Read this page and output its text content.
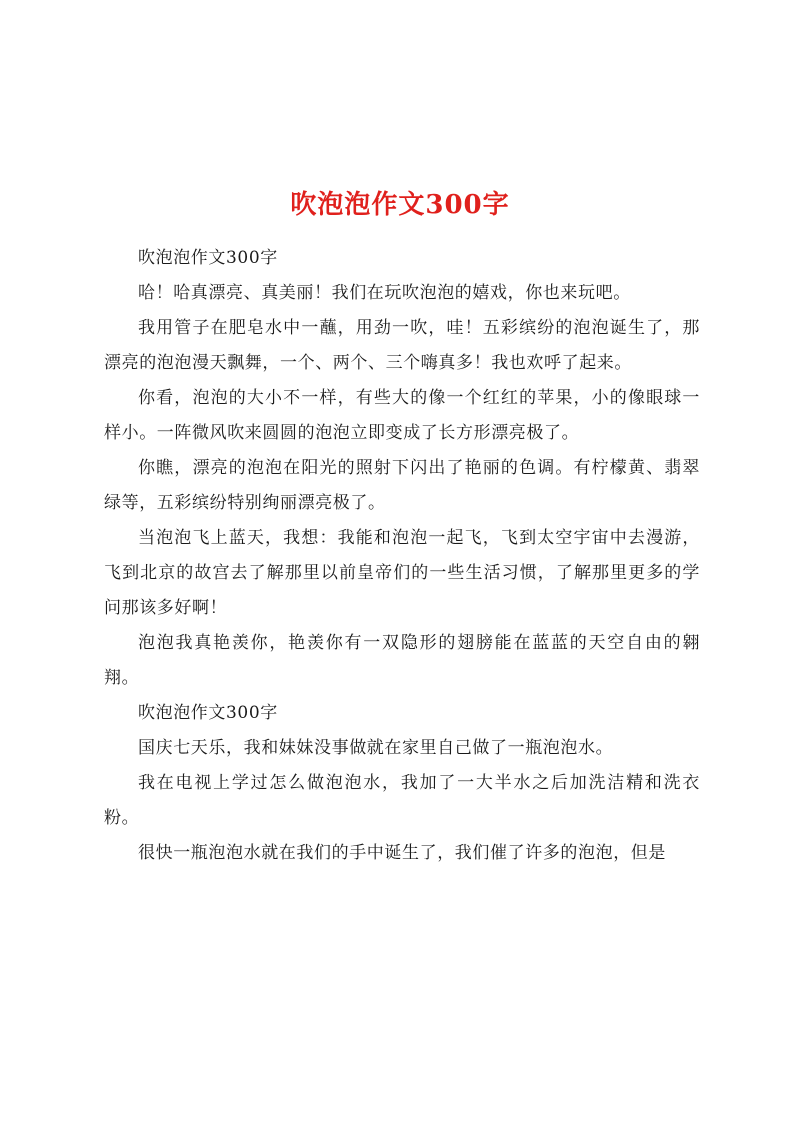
吹泡泡作文300字

吹泡泡作文300字

哈！哈真漂亮、真美丽！我们在玩吹泡泡的嬉戏，你也来玩吧。

我用管子在肥皂水中一蘸，用劲一吹，哇！五彩缤纷的泡泡诞生了，那漂亮的泡泡漫天飘舞，一个、两个、三个嗨真多！我也欢呼了起来。

你看，泡泡的大小不一样，有些大的像一个红红的苹果，小的像眼球一样小。一阵微风吹来圆圆的泡泡立即变成了长方形漂亮极了。

你瞧，漂亮的泡泡在阳光的照射下闪出了艳丽的色调。有柠檬黄、翡翠绿等，五彩缤纷特别绚丽漂亮极了。

当泡泡飞上蓝天，我想：我能和泡泡一起飞，飞到太空宇宙中去漫游，飞到北京的故宫去了解那里以前皇帝们的一些生活习惯，了解那里更多的学问那该多好啊！

泡泡我真艳羡你，艳羡你有一双隐形的翅膀能在蓝蓝的天空自由的翱翔。

吹泡泡作文300字

国庆七天乐，我和妹妹没事做就在家里自己做了一瓶泡泡水。

我在电视上学过怎么做泡泡水，我加了一大半水之后加洗洁精和洗衣粉。

很快一瓶泡泡水就在我们的手中诞生了，我们催了许多的泡泡，但是
